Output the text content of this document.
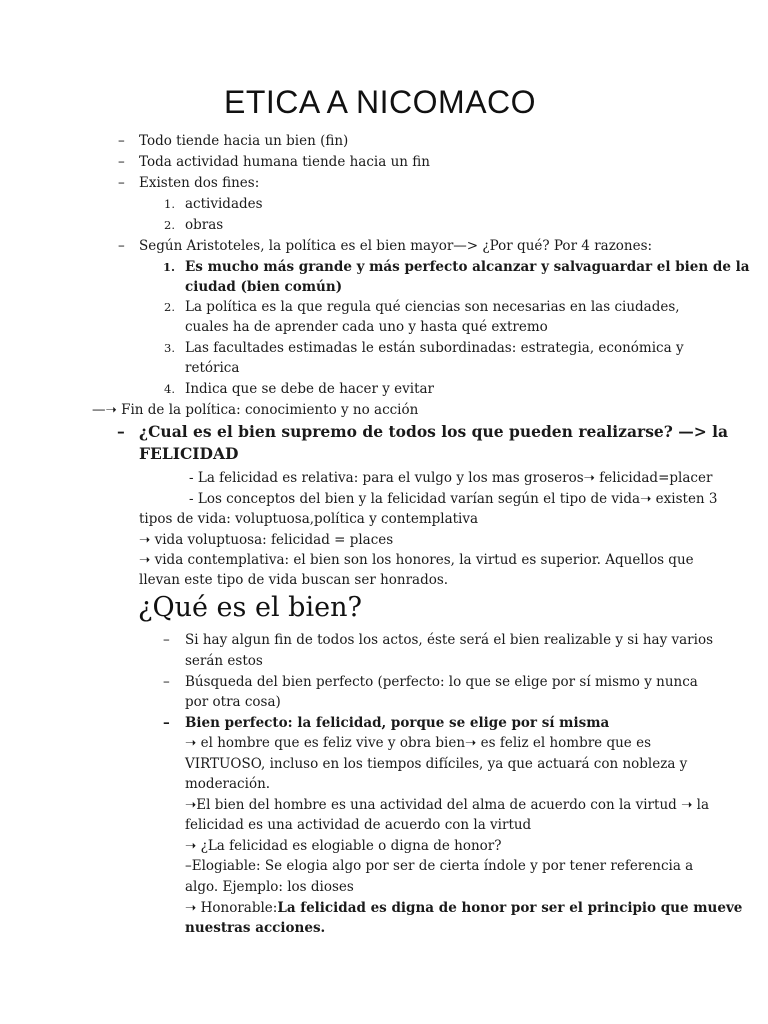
ETICA A NICOMACO
– Todo tiende hacia un bien (fin)

– Toda actividad humana tiende hacia un fin

– Existen dos fines:

1. actividades

2. obras

– Según Aristoteles, la política es el bien mayor—> ¿Por qué? Por 4 razones:

1. Es mucho más grande y más perfecto alcanzar y salvaguardar el bien de la

ciudad (bien común)

2. La política es la que regula qué ciencias son necesarias en las ciudades,

cuales ha de aprender cada uno y hasta qué extremo

3. Las facultades estimadas le están subordinadas: estrategia, económica y

retórica

4. Indica que se debe de hacer y evitar

—➝ Fin de la política: conocimiento y no acción

– ¿Cual es el bien supremo de todos los que pueden realizarse? —> la

FELICIDAD

- La felicidad es relativa: para el vulgo y los mas groseros➝ felicidad=placer

- Los conceptos del bien y la felicidad varían según el tipo de vida➝ existen 3

tipos de vida: voluptuosa,política y contemplativa

➝ vida voluptuosa: felicidad = places

➝ vida contemplativa: el bien son los honores, la virtud es superior. Aquellos que

llevan este tipo de vida buscan ser honrados.

¿Qué es el bien?
– Si hay algun fin de todos los actos, éste será el bien realizable y si hay varios

serán estos

– Búsqueda del bien perfecto (perfecto: lo que se elige por sí mismo y nunca

por otra cosa)

– Bien perfecto: la felicidad, porque se elige por sí misma

➝ el hombre que es feliz vive y obra bien➝ es feliz el hombre que es

VIRTUOSO, incluso en los tiempos difíciles, ya que actuará con nobleza y

moderación.

➝El bien del hombre es una actividad del alma de acuerdo con la virtud ➝ la

felicidad es una actividad de acuerdo con la virtud

➝ ¿La felicidad es elogiable o digna de honor?

–Elogiable: Se elogia algo por ser de cierta índole y por tener referencia a

algo. Ejemplo: los dioses

➝ Honorable:La felicidad es digna de honor por ser el principio que mueve

nuestras acciones.
